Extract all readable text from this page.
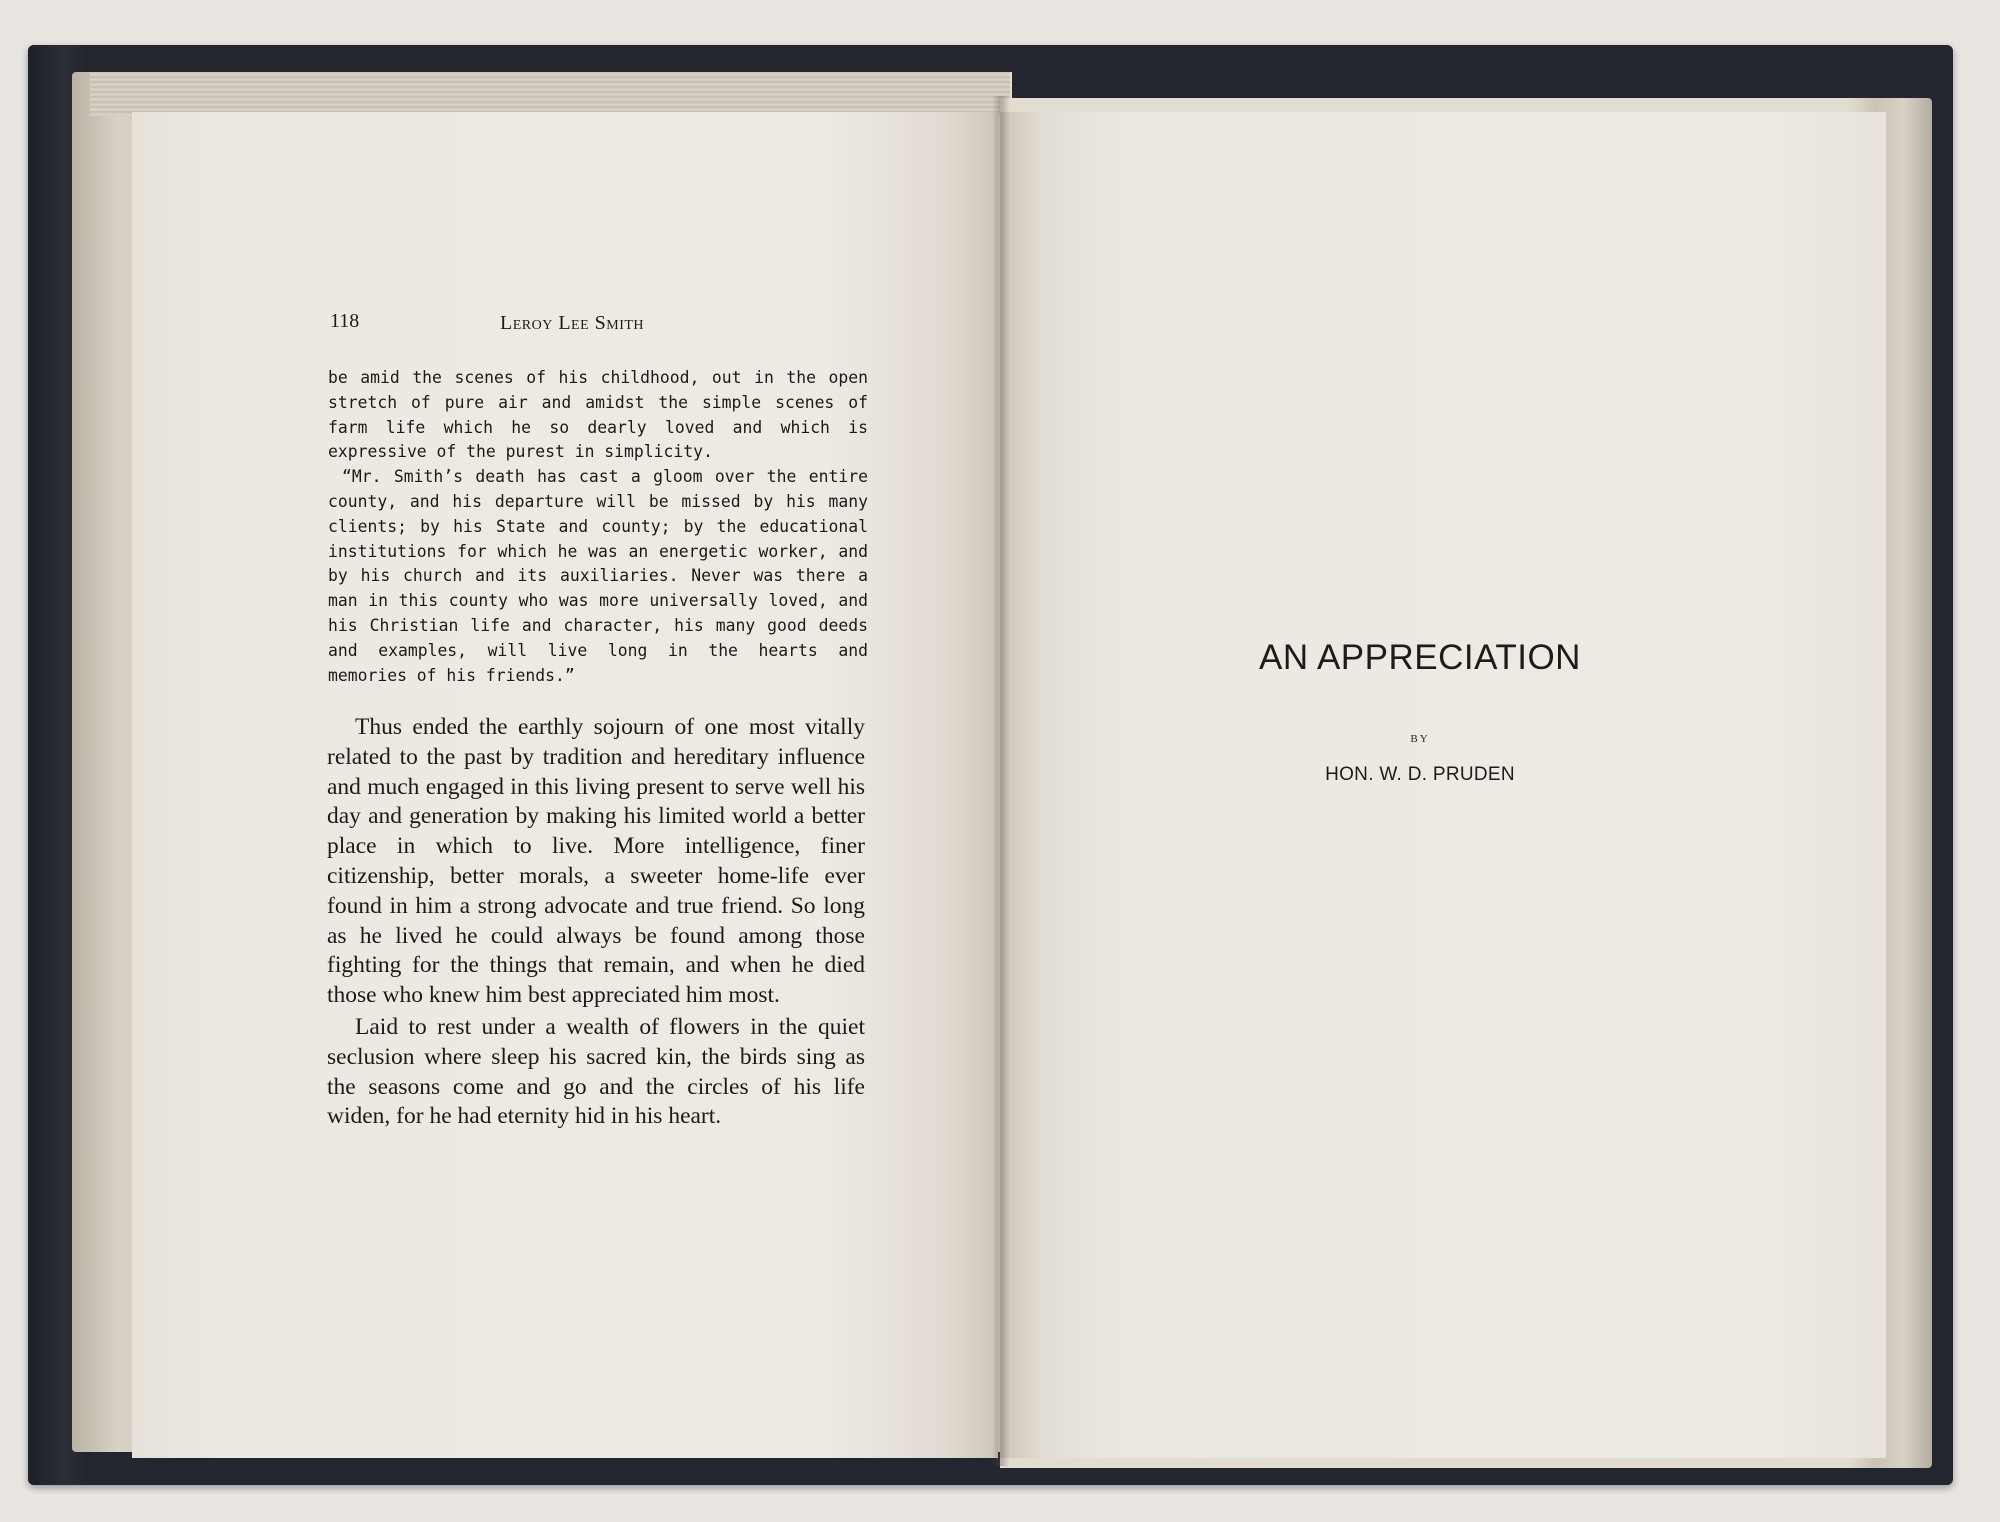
118	Leroy Lee Smith

be amid the scenes of his childhood, out in the open stretch of pure air and amidst the simple scenes of farm life which he so dearly loved and which is expressive of the purest in simplicity.

“Mr. Smith’s death has cast a gloom over the entire county, and his departure will be missed by his many clients; by his State and county; by the educational institutions for which he was an energetic worker, and by his church and its auxiliaries. Never was there a man in this county who was more universally loved, and his Christian life and character, his many good deeds and examples, will live long in the hearts and memories of his friends.”

Thus ended the earthly sojourn of one most vitally related to the past by tradition and hereditary influence and much engaged in this living present to serve well his day and generation by making his limited world a better place in which to live. More intelligence, finer citizenship, better morals, a sweeter home-life ever found in him a strong advocate and true friend. So long as he lived he could always be found among those fighting for the things that remain, and when he died those who knew him best appreciated him most.

Laid to rest under a wealth of flowers in the quiet seclusion where sleep his sacred kin, the birds sing as the seasons come and go and the circles of his life widen, for he had eternity hid in his heart.

AN APPRECIATION
BY
HON. W. D. PRUDEN
